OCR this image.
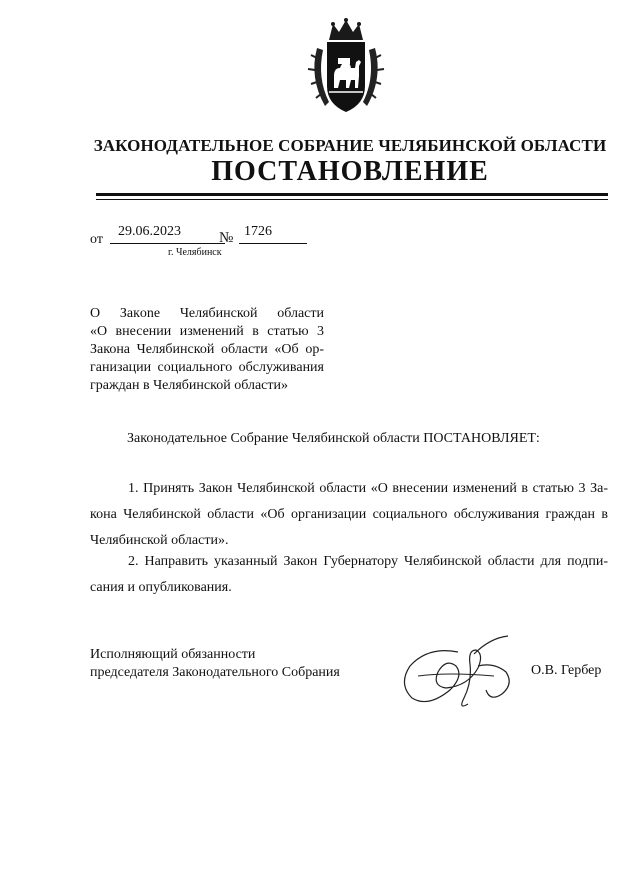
ЗАКОНОДАТЕЛЬНОЕ СОБРАНИЕ ЧЕЛЯБИНСКОЙ ОБЛАСТИ
ПОСТАНОВЛЕНИЕ
от
29.06.2023	№ 1726
г. Челябинск
О Закone Челябинской области
«О внесении изменений в статью 3
Закона Челябинской области «Об ор-
ганизации социального обслуживания
граждан в Челябинской области»
Законодательное Собрание Челябинской области ПОСТАНОВЛЯЕТ:
1. Принять Закон Челябинской области «О внесении изменений в статью 3 За-
кона Челябинской области «Об организации социального обслуживания граждан в
Челябинской области».
2. Направить указанный Закон Губернатору Челябинской области для подпи-
сания и опубликования.
Исполняющий обязанности
председателя Законодательного Собрания	О.В. Гербер
